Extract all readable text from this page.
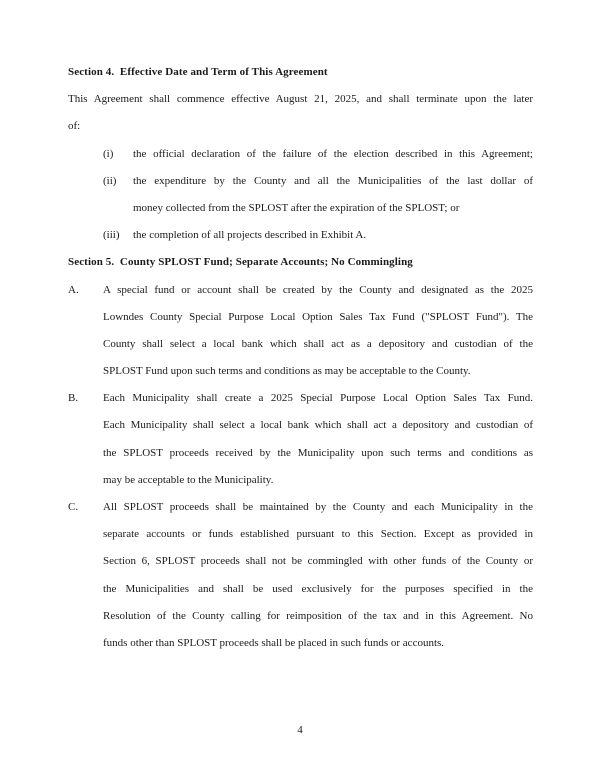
Section 4.  Effective Date and Term of This Agreement
This Agreement shall commence effective August 21, 2025, and shall terminate upon the later
of:
(i) the official declaration of the failure of the election described in this Agreement;
(ii) the expenditure by the County and all the Municipalities of the last dollar of
money collected from the SPLOST after the expiration of the SPLOST; or
(iii) the completion of all projects described in Exhibit A.
Section 5.  County SPLOST Fund; Separate Accounts; No Commingling
A. A special fund or account shall be created by the County and designated as the 2025
Lowndes County Special Purpose Local Option Sales Tax Fund ("SPLOST Fund"). The
County shall select a local bank which shall act as a depository and custodian of the
SPLOST Fund upon such terms and conditions as may be acceptable to the County.
B. Each Municipality shall create a 2025 Special Purpose Local Option Sales Tax Fund.
Each Municipality shall select a local bank which shall act a depository and custodian of
the SPLOST proceeds received by the Municipality upon such terms and conditions as
may be acceptable to the Municipality.
C. All SPLOST proceeds shall be maintained by the County and each Municipality in the
separate accounts or funds established pursuant to this Section. Except as provided in
Section 6, SPLOST proceeds shall not be commingled with other funds of the County or
the Municipalities and shall be used exclusively for the purposes specified in the
Resolution of the County calling for reimposition of the tax and in this Agreement. No
funds other than SPLOST proceeds shall be placed in such funds or accounts.
4
